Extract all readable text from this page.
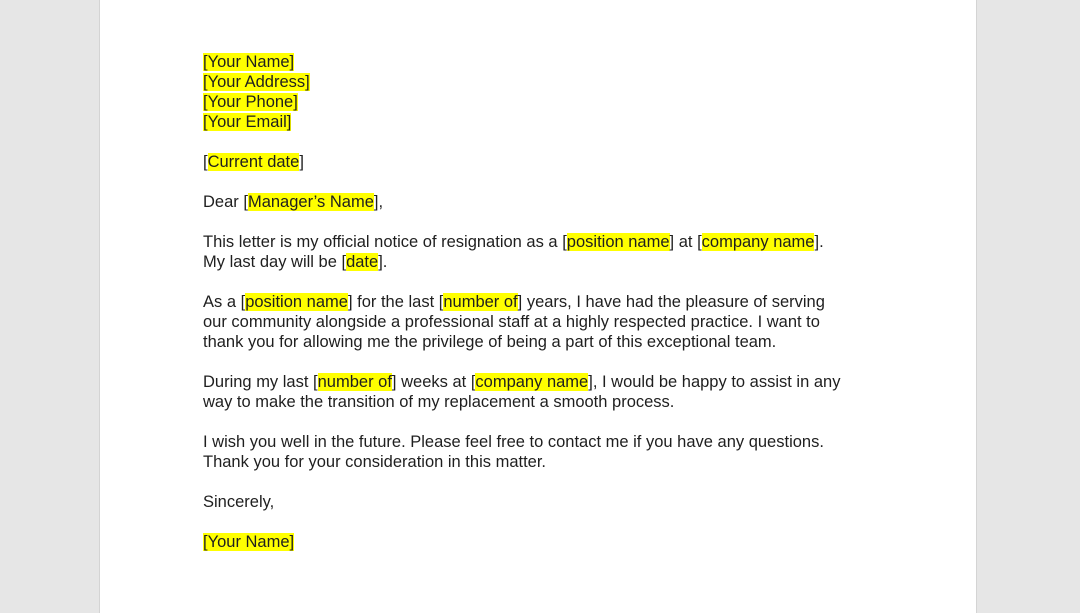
[Your Name]
[Your Address]
[Your Phone]
[Your Email]
[Current date]
Dear [Manager’s Name],
This letter is my official notice of resignation as a [position name] at [company name].
My last day will be [date].
As a [position name] for the last [number of] years, I have had the pleasure of serving
our community alongside a professional staff at a highly respected practice. I want to
thank you for allowing me the privilege of being a part of this exceptional team.
During my last [number of] weeks at [company name], I would be happy to assist in any
way to make the transition of my replacement a smooth process.
I wish you well in the future. Please feel free to contact me if you have any questions.
Thank you for your consideration in this matter.
Sincerely,
[Your Name]
